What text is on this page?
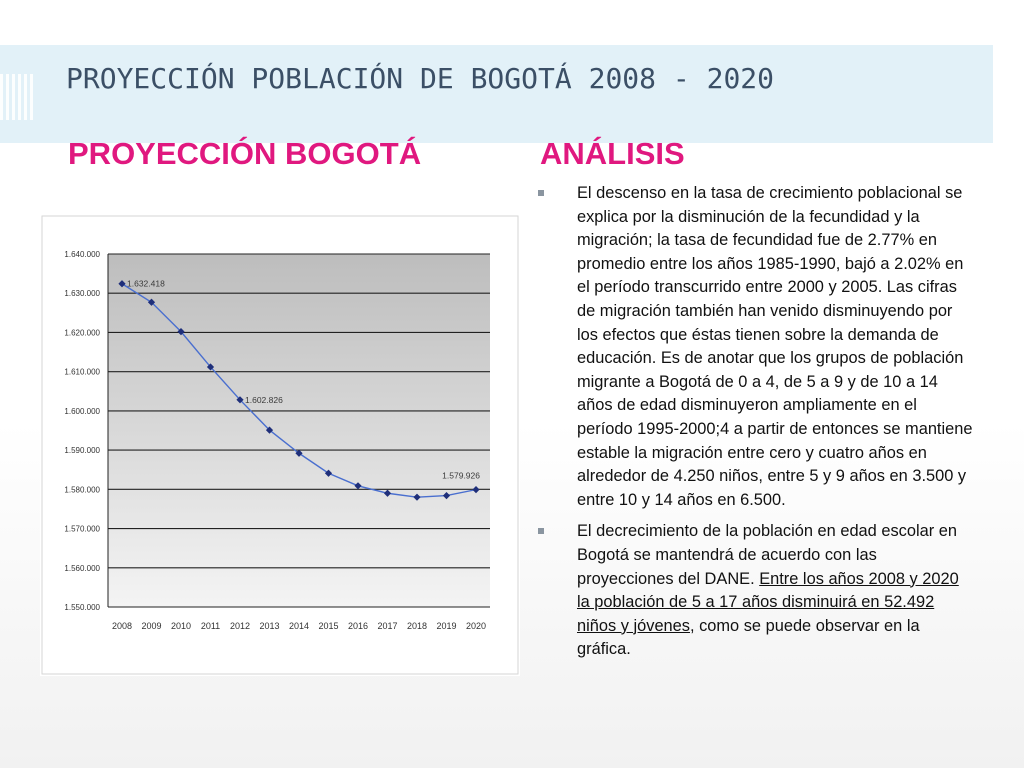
PROYECCIÓN POBLACIÓN DE BOGOTÁ 2008 - 2020
PROYECCIÓN BOGOTÁ	ANÁLISIS
1.550.000
1.560.000
1.570.000
1.580.000
1.590.000
1.600.000
1.610.000
1.620.000
1.630.000
1.640.000
2008 2009 2010 2011 2012 2013 2014 2015 2016 2017 2018 2019 2020
1.632.418
1.602.826
1.579.926
El descenso en la tasa de crecimiento poblacional se explica por la disminución de la fecundidad y la migración; la tasa de fecundidad fue de 2.77% en promedio entre los años 1985-1990, bajó a 2.02% en el período transcurrido entre 2000 y 2005. Las cifras de migración también han venido disminuyendo por los efectos que éstas tienen sobre la demanda de educación. Es de anotar que los grupos de población migrante a Bogotá de 0 a 4, de 5 a 9 y de 10 a 14 años de edad disminuyeron ampliamente en el período 1995-2000;4 a partir de entonces se mantiene estable la migración entre cero y cuatro años en alrededor de 4.250 niños, entre 5 y 9 años en 3.500 y entre 10 y 14 años en 6.500.
El decrecimiento de la población en edad escolar en Bogotá se mantendrá de acuerdo con las proyecciones del DANE. Entre los años 2008 y 2020 la población de 5 a 17 años disminuirá en 52.492 niños y jóvenes, como se puede observar en la gráfica.
